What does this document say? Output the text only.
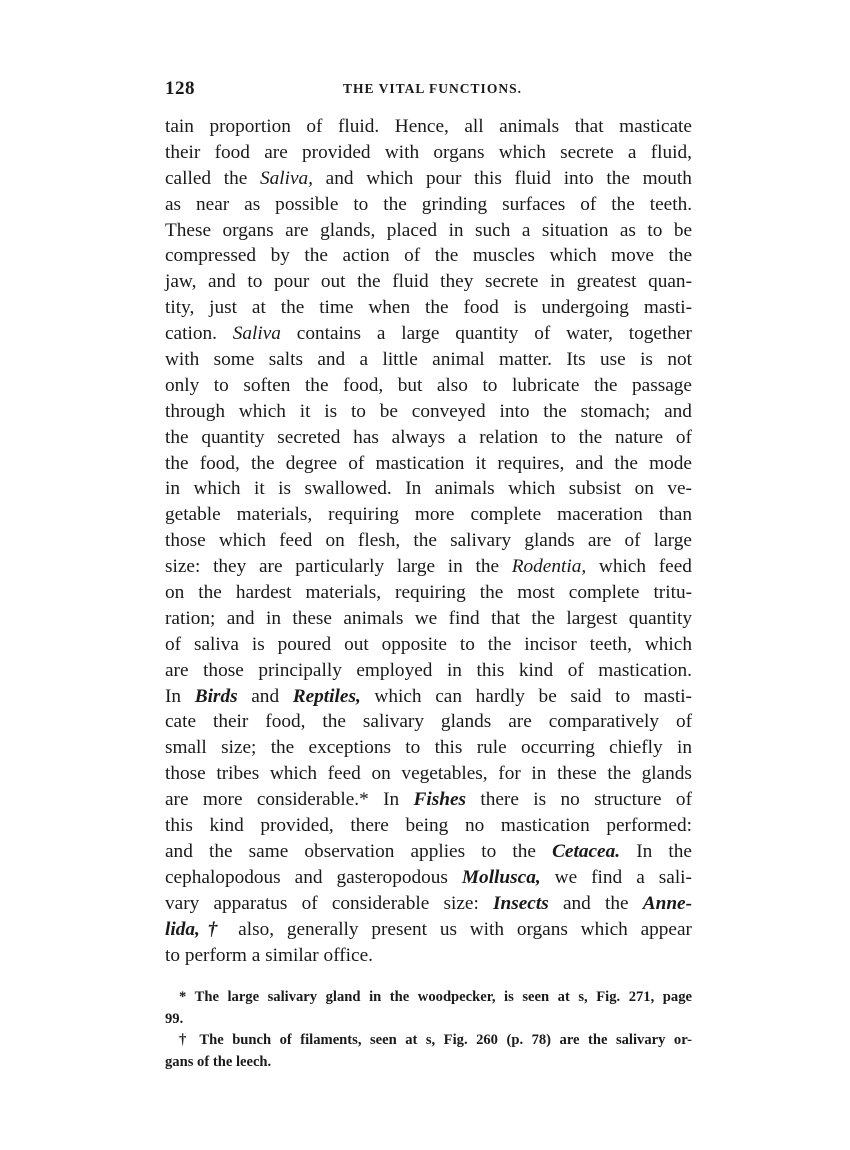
128	THE VITAL FUNCTIONS.
tain proportion of fluid. Hence, all animals that masticate
their food are provided with organs which secrete a fluid,
called the Saliva, and which pour this fluid into the mouth
as near as possible to the grinding surfaces of the teeth.
These organs are glands, placed in such a situation as to be
compressed by the action of the muscles which move the
jaw, and to pour out the fluid they secrete in greatest quan-
tity, just at the time when the food is undergoing masti-
cation. Saliva contains a large quantity of water, together
with some salts and a little animal matter. Its use is not
only to soften the food, but also to lubricate the passage
through which it is to be conveyed into the stomach; and
the quantity secreted has always a relation to the nature of
the food, the degree of mastication it requires, and the mode
in which it is swallowed. In animals which subsist on ve-
getable materials, requiring more complete maceration than
those which feed on flesh, the salivary glands are of large
size: they are particularly large in the Rodentia, which feed
on the hardest materials, requiring the most complete tritu-
ration; and in these animals we find that the largest quantity
of saliva is poured out opposite to the incisor teeth, which
are those principally employed in this kind of mastication.
In Birds and Reptiles, which can hardly be said to masti-
cate their food, the salivary glands are comparatively of
small size; the exceptions to this rule occurring chiefly in
those tribes which feed on vegetables, for in these the glands
are more considerable.* In Fishes there is no structure of
this kind provided, there being no mastication performed:
and the same observation applies to the Cetacea. In the
cephalopodous and gasteropodous Mollusca, we find a sali-
vary apparatus of considerable size: Insects and the Anne-
lida,† also, generally present us with organs which appear
to perform a similar office.
* The large salivary gland in the woodpecker, is seen at s, Fig. 271, page
99.
† The bunch of filaments, seen at s, Fig. 260 (p. 78) are the salivary or-
gans of the leech.
